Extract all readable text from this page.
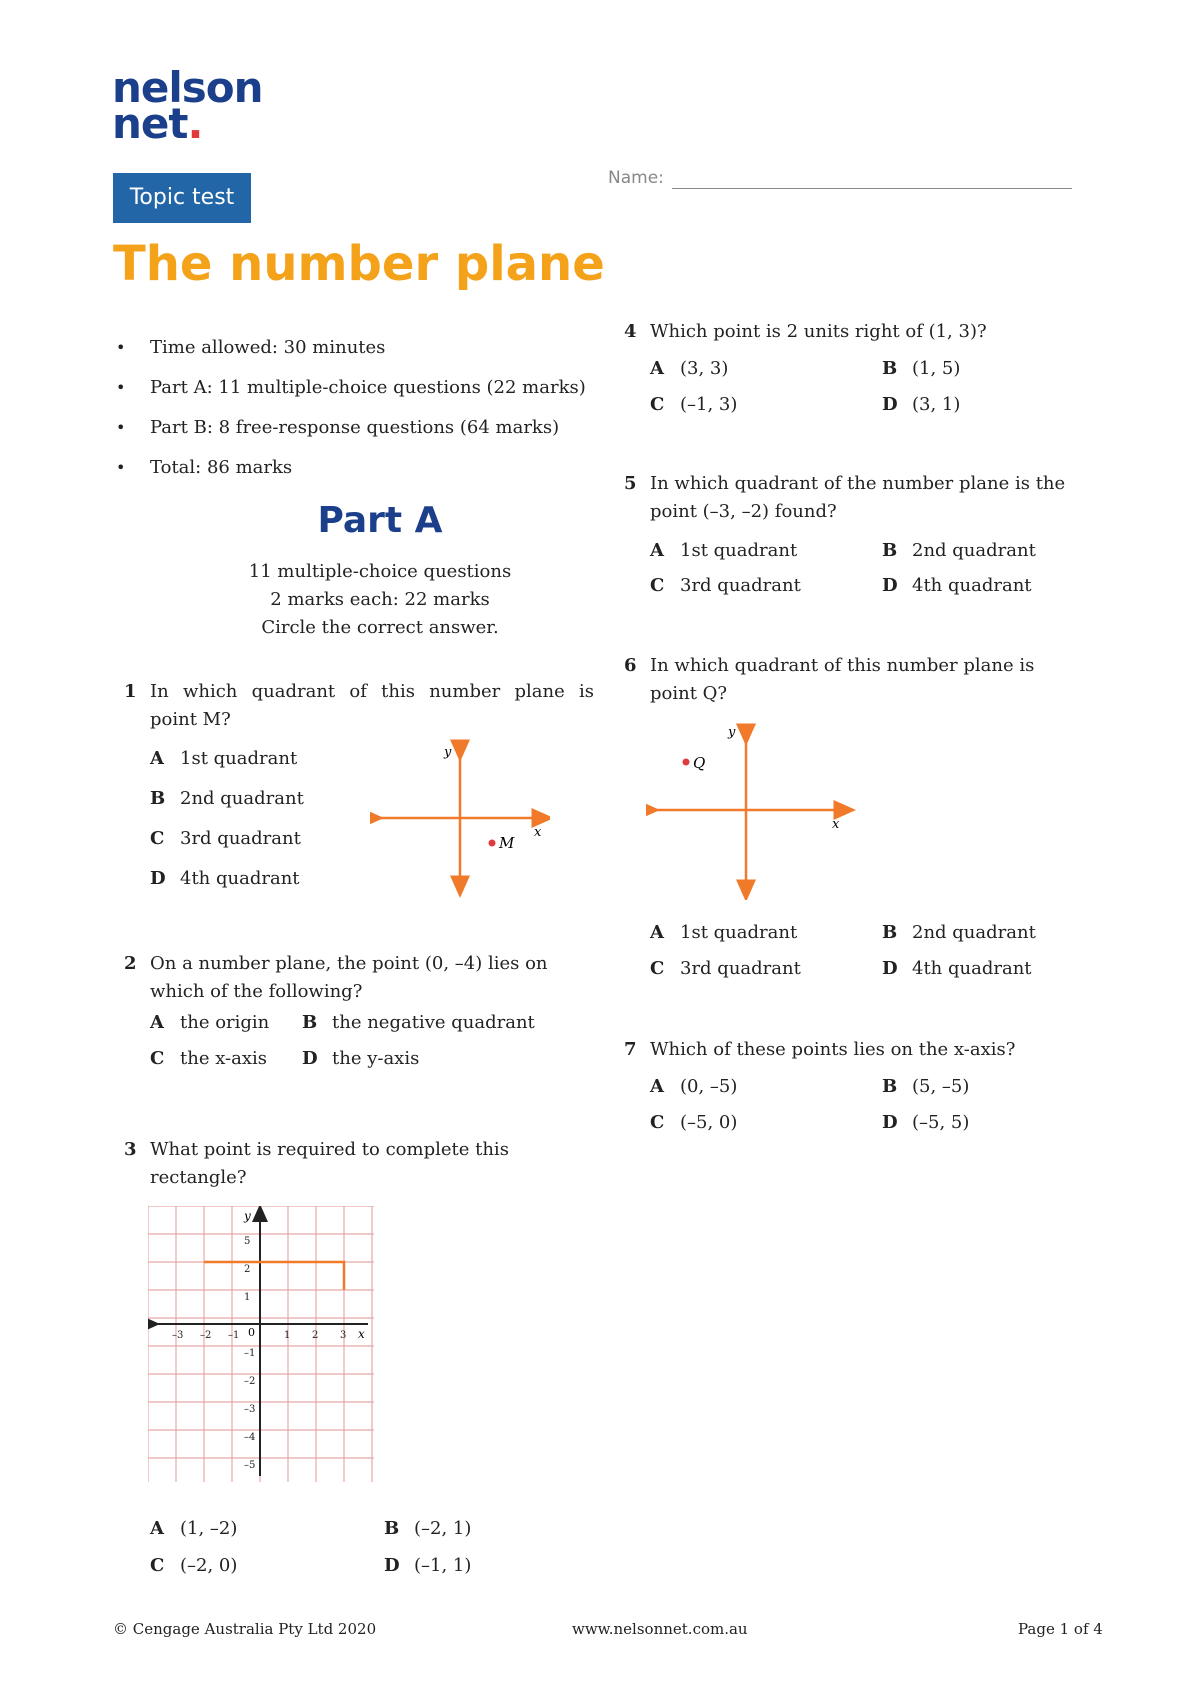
nelson
net.
Topic test
Name:
The number plane
• Time allowed: 30 minutes
• Part A: 11 multiple-choice questions (22 marks)
• Part B: 8 free-response questions (64 marks)
• Total: 86 marks
Part A
11 multiple-choice questions
2 marks each: 22 marks
Circle the correct answer.
1 In which quadrant of this number plane is
point M?
A 1st quadrant
B 2nd quadrant
C 3rd quadrant
D 4th quadrant
y
x
M
2 On a number plane, the point (0, –4) lies on
which of the following?
A the origin B the negative quadrant
C the x-axis D the y-axis
3 What point is required to complete this
rectangle?
y
x
0
–3 –2 –1	1 2 3
5
2
1
–1
–2
–3
–4
–5
A (1, –2)	B (–2, 1)
C (–2, 0)	D (–1, 1)
4 Which point is 2 units right of (1, 3)?
A (3, 3)	B (1, 5)
C (–1, 3)	D (3, 1)
5 In which quadrant of the number plane is the
point (–3, –2) found?
A 1st quadrant	B 2nd quadrant
C 3rd quadrant	D 4th quadrant
6 In which quadrant of this number plane is
point Q?
y
x
Q
A 1st quadrant	B 2nd quadrant
C 3rd quadrant	D 4th quadrant
7 Which of these points lies on the x-axis?
A (0, –5)	B (5, –5)
C (–5, 0)	D (–5, 5)
© Cengage Australia Pty Ltd 2020	www.nelsonnet.com.au	Page 1 of 4
